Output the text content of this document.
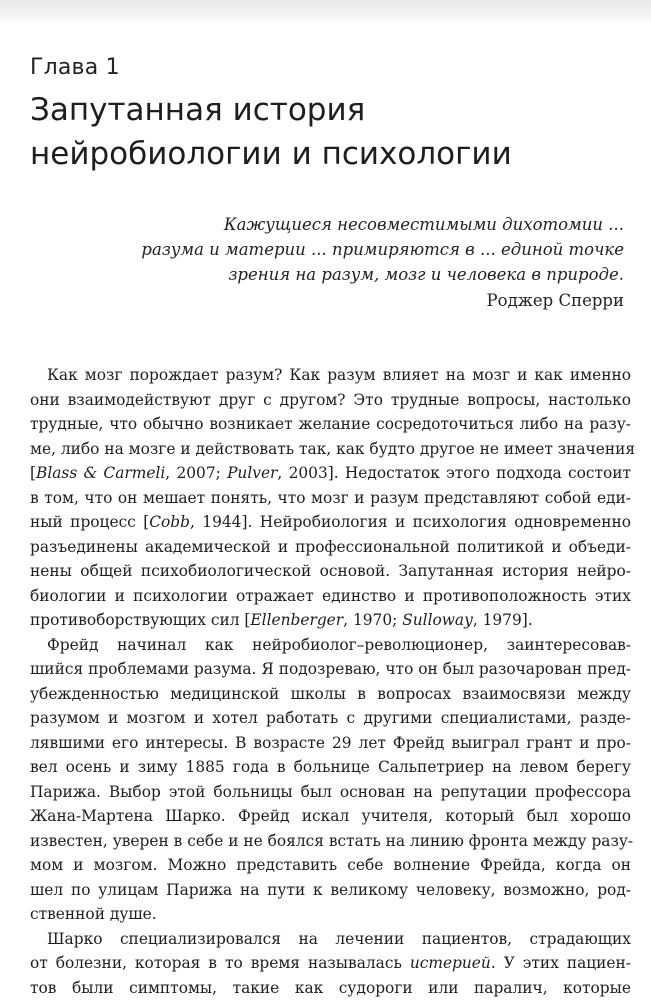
Глава 1
Запутанная история
нейробиологии и психологии
Кажущиеся несовместимыми дихотомии ...
разума и материи ... примиряются в ... единой точке
зрения на разум, мозг и человека в природе.
Роджер Сперри
Как мозг порождает разум? Как разум влияет на мозг и как именно
они взаимодействуют друг с другом? Это трудные вопросы, настолько
трудные, что обычно возникает желание сосредоточиться либо на разу-
ме, либо на мозге и действовать так, как будто другое не имеет значения
[Blass & Carmeli, 2007; Pulver, 2003]. Недостаток этого подхода состоит
в том, что он мешает понять, что мозг и разум представляют собой еди-
ный процесс [Cobb, 1944]. Нейробиология и психология одновременно
разъединены академической и профессиональной политикой и объеди-
нены общей психобиологической основой. Запутанная история нейро-
биологии и психологии отражает единство и противоположность этих
противоборствующих сил [Ellenberger, 1970; Sulloway, 1979].
Фрейд начинал как нейробиолог–революционер, заинтересовав-
шийся проблемами разума. Я подозреваю, что он был разочарован пред-
убежденностью медицинской школы в вопросах взаимосвязи между
разумом и мозгом и хотел работать с другими специалистами, разде-
лявшими его интересы. В возрасте 29 лет Фрейд выиграл грант и про-
вел осень и зиму 1885 года в больнице Сальпетриер на левом берегу
Парижа. Выбор этой больницы был основан на репутации профессора
Жана-Мартена Шарко. Фрейд искал учителя, который был хорошо
известен, уверен в себе и не боялся встать на линию фронта между разу-
мом и мозгом. Можно представить себе волнение Фрейда, когда он
шел по улицам Парижа на пути к великому человеку, возможно, род-
ственной душе.
Шарко специализировался на лечении пациентов, страдающих
от болезни, которая в то время называлась истерией. У этих пациен-
тов были симптомы, такие как судороги или паралич, которые
